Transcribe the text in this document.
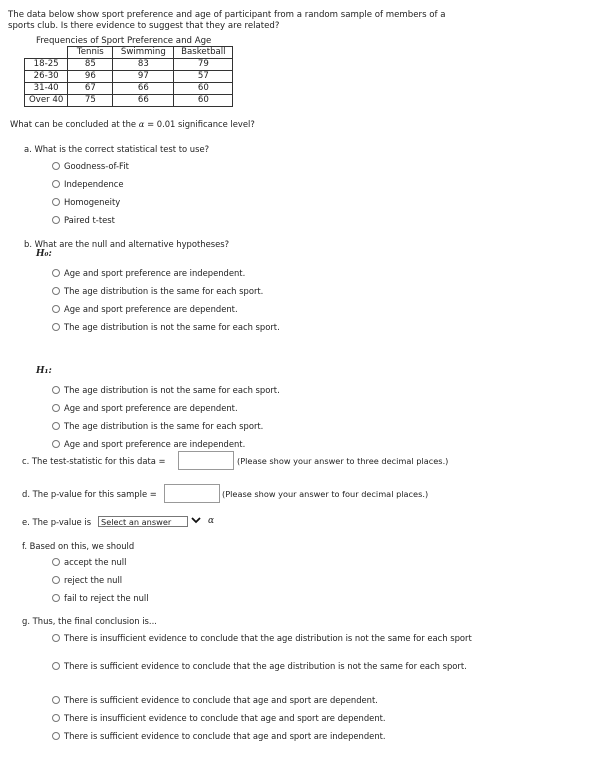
The data below show sport preference and age of participant from a random sample of members of a sports club. Is there evidence to suggest that they are related?
Frequencies of Sport Preference and Age
	Tennis	Swimming	Basketball
18-25	85	83	79
26-30	96	97	57
31-40	67	66	60
Over 40	75	66	60
What can be concluded at the α = 0.01 significance level?
a. What is the correct statistical test to use?
Goodness-of-Fit
Independence
Homogeneity
Paired t-test
b. What are the null and alternative hypotheses?
H₀:
Age and sport preference are independent.
The age distribution is the same for each sport.
Age and sport preference are dependent.
The age distribution is not the same for each sport.
H₁:
The age distribution is not the same for each sport.
Age and sport preference are dependent.
The age distribution is the same for each sport.
Age and sport preference are independent.
c. The test-statistic for this data =	(Please show your answer to three decimal places.)
d. The p-value for this sample =	(Please show your answer to four decimal places.)
e. The p-value is	Select an answer	α
f. Based on this, we should
accept the null
reject the null
fail to reject the null
g. Thus, the final conclusion is...
There is insufficient evidence to conclude that the age distribution is not the same for each sport
There is sufficient evidence to conclude that the age distribution is not the same for each sport.
There is sufficient evidence to conclude that age and sport are dependent.
There is insufficient evidence to conclude that age and sport are dependent.
There is sufficient evidence to conclude that age and sport are independent.
